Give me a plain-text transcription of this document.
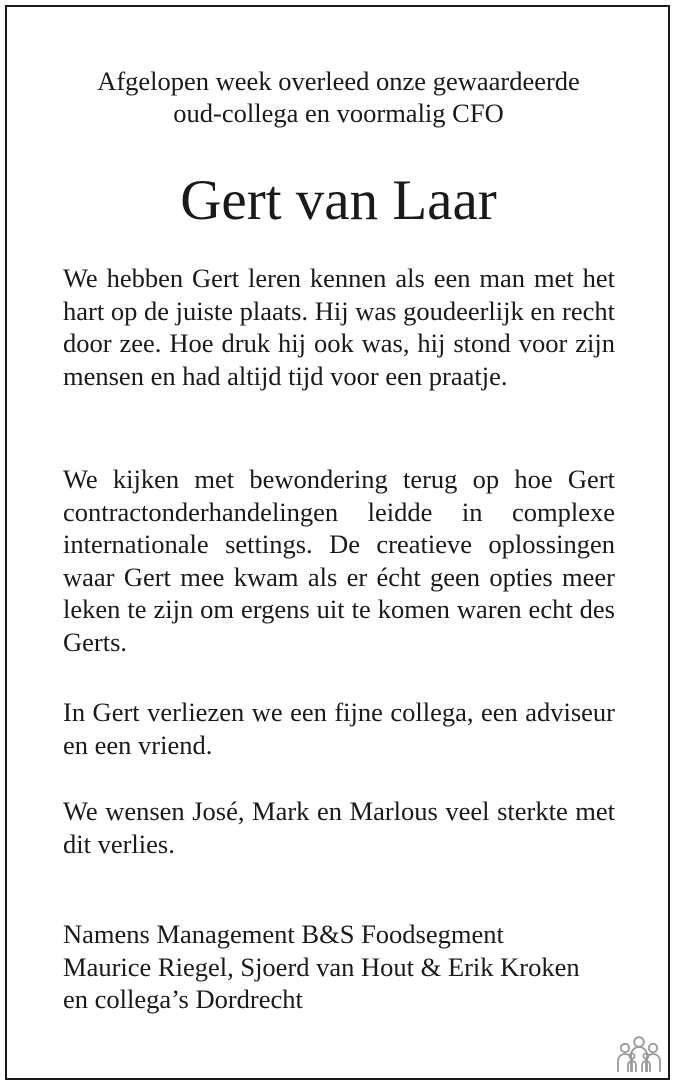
Afgelopen week overleed onze gewaardeerde
oud-collega en voormalig CFO
Gert van Laar

We hebben Gert leren kennen als een man met het hart op de juiste plaats. Hij was goudeerlijk en recht door zee. Hoe druk hij ook was, hij stond voor zijn mensen en had altijd tijd voor een praatje.

We kijken met bewondering terug op hoe Gert contractonderhandelingen leidde in complexe internationale settings. De creatieve oplossingen waar Gert mee kwam als er écht geen opties meer leken te zijn om ergens uit te komen waren echt des Gerts.

In Gert verliezen we een fijne collega, een adviseur en een vriend.

We wensen José, Mark en Marlous veel sterkte met dit verlies.

Namens Management B&S Foodsegment
Maurice Riegel, Sjoerd van Hout & Erik Kroken
en collega’s Dordrecht
